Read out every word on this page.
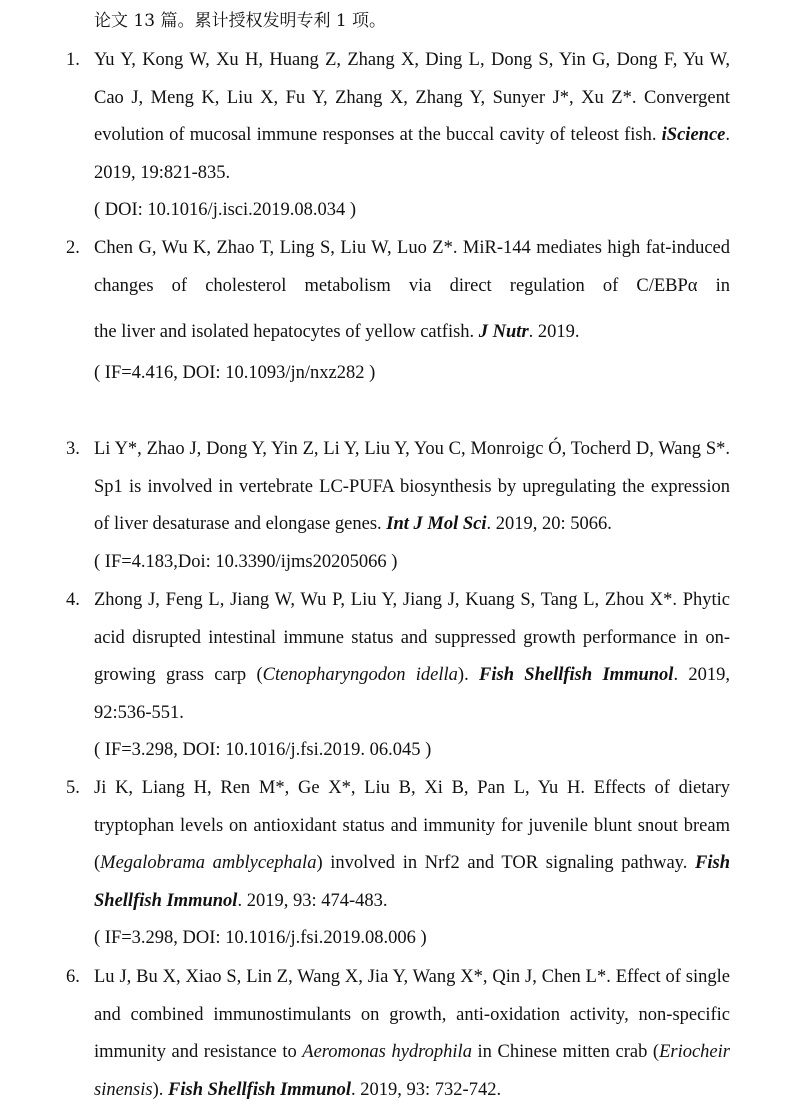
论文 13 篇。累计授权发明专利 1 项。
1. Yu Y, Kong W, Xu H, Huang Z, Zhang X, Ding L, Dong S, Yin G, Dong F, Yu W, Cao J, Meng K, Liu X, Fu Y, Zhang X, Zhang Y, Sunyer J*, Xu Z*. Convergent evolution of mucosal immune responses at the buccal cavity of teleost fish. iScience. 2019, 19:821-835.
( DOI: 10.1016/j.isci.2019.08.034 )
2. Chen G, Wu K, Zhao T, Ling S, Liu W, Luo Z*. MiR-144 mediates high fat-induced changes of cholesterol metabolism via direct regulation of C/EBPα in
the liver and isolated hepatocytes of yellow catfish. J Nutr. 2019.
( IF=4.416, DOI: 10.1093/jn/nxz282 )
3. Li Y*, Zhao J, Dong Y, Yin Z, Li Y, Liu Y, You C, Monroigc Ó, Tocherd D, Wang S*. Sp1 is involved in vertebrate LC-PUFA biosynthesis by upregulating the expression of liver desaturase and elongase genes. Int J Mol Sci. 2019, 20: 5066.
( IF=4.183,Doi: 10.3390/ijms20205066 )
4. Zhong J, Feng L, Jiang W, Wu P, Liu Y, Jiang J, Kuang S, Tang L, Zhou X*. Phytic acid disrupted intestinal immune status and suppressed growth performance in on-growing grass carp (Ctenopharyngodon idella). Fish Shellfish Immunol. 2019, 92:536-551.
( IF=3.298, DOI: 10.1016/j.fsi.2019. 06.045 )
5. Ji K, Liang H, Ren M*, Ge X*, Liu B, Xi B, Pan L, Yu H. Effects of dietary tryptophan levels on antioxidant status and immunity for juvenile blunt snout bream (Megalobrama amblycephala) involved in Nrf2 and TOR signaling pathway. Fish Shellfish Immunol. 2019, 93: 474-483.
( IF=3.298, DOI: 10.1016/j.fsi.2019.08.006 )
6. Lu J, Bu X, Xiao S, Lin Z, Wang X, Jia Y, Wang X*, Qin J, Chen L*. Effect of single and combined immunostimulants on growth, anti-oxidation activity, non-specific immunity and resistance to Aeromonas hydrophila in Chinese mitten crab (Eriocheir sinensis). Fish Shellfish Immunol. 2019, 93: 732-742.
